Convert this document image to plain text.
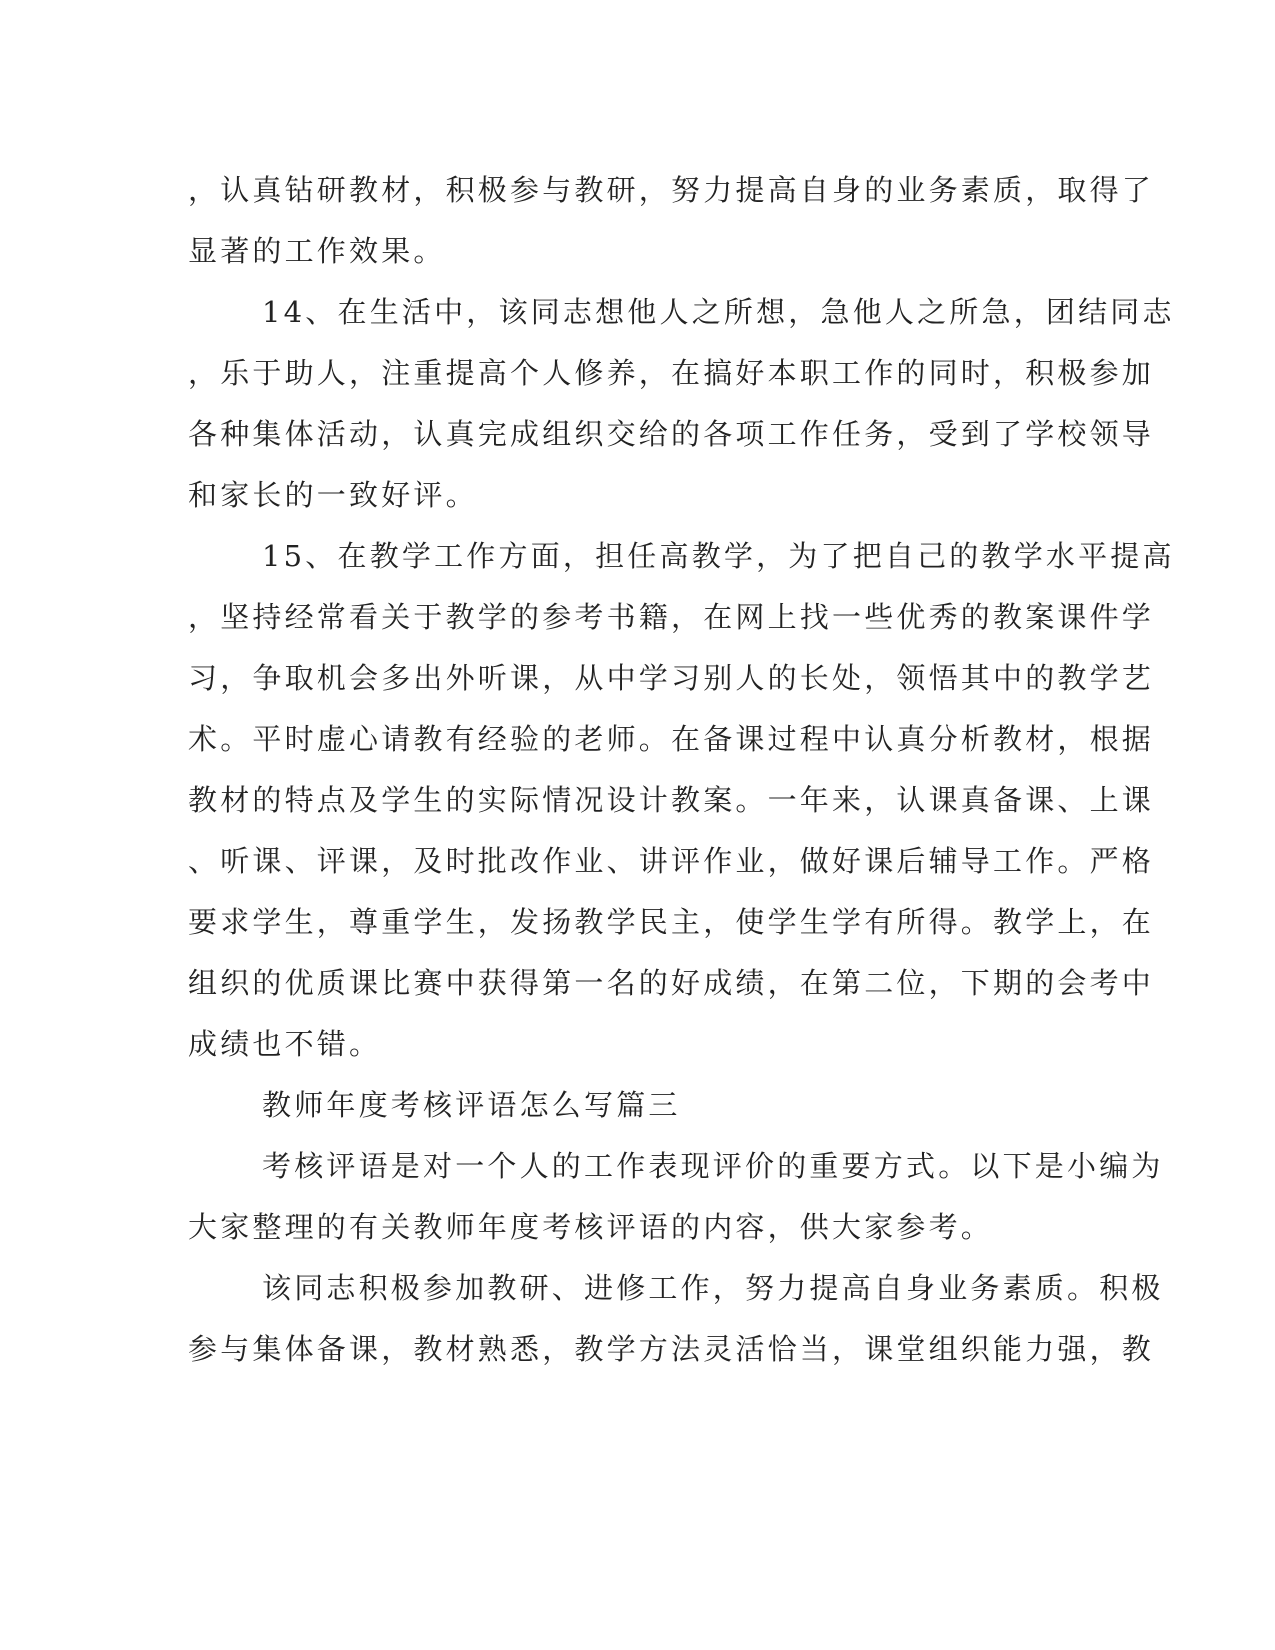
，认真钻研教材，积极参与教研，努力提高自身的业务素质，取得了
显著的工作效果。
14、在生活中，该同志想他人之所想，急他人之所急，团结同志
，乐于助人，注重提高个人修养，在搞好本职工作的同时，积极参加
各种集体活动，认真完成组织交给的各项工作任务，受到了学校领导
和家长的一致好评。
15、在教学工作方面，担任高教学，为了把自己的教学水平提高
，坚持经常看关于教学的参考书籍，在网上找一些优秀的教案课件学
习，争取机会多出外听课，从中学习别人的长处，领悟其中的教学艺
术。平时虚心请教有经验的老师。在备课过程中认真分析教材，根据
教材的特点及学生的实际情况设计教案。一年来，认课真备课、上课
、听课、评课，及时批改作业、讲评作业，做好课后辅导工作。严格
要求学生，尊重学生，发扬教学民主，使学生学有所得。教学上，在
组织的优质课比赛中获得第一名的好成绩，在第二位，下期的会考中
成绩也不错。
教师年度考核评语怎么写篇三
考核评语是对一个人的工作表现评价的重要方式。以下是小编为
大家整理的有关教师年度考核评语的内容，供大家参考。
该同志积极参加教研、进修工作，努力提高自身业务素质。积极
参与集体备课，教材熟悉，教学方法灵活恰当，课堂组织能力强，教
